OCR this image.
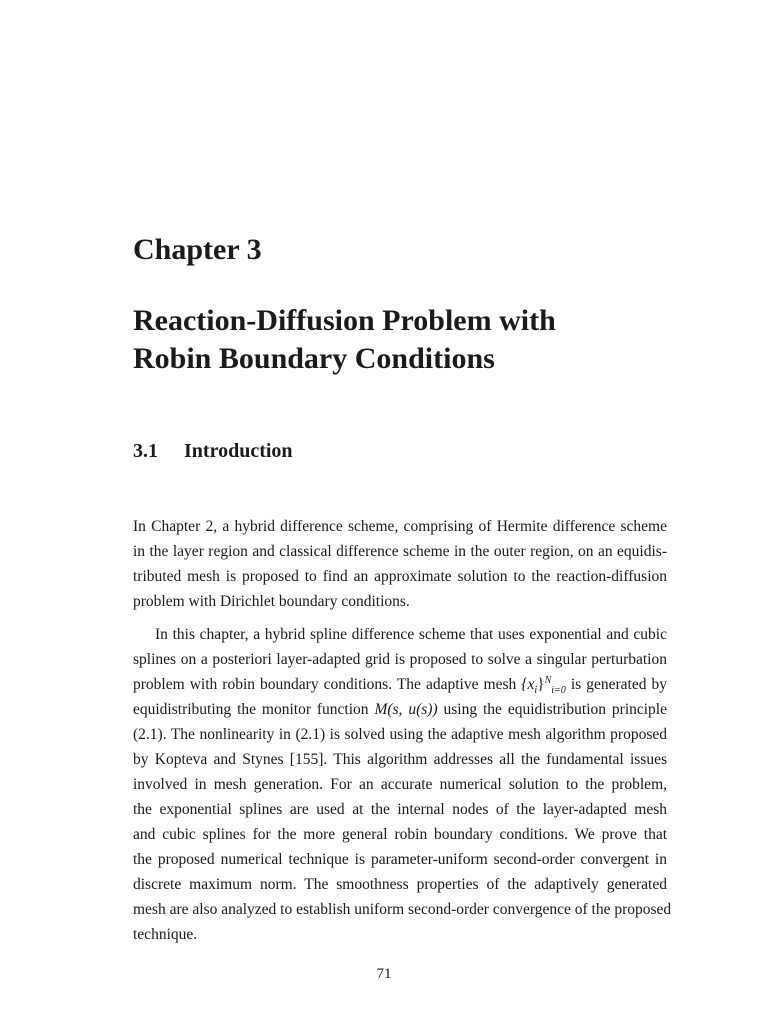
Chapter 3
Reaction-Diffusion Problem with
Robin Boundary Conditions
3.1 Introduction
In Chapter 2, a hybrid difference scheme, comprising of Hermite difference scheme
in the layer region and classical difference scheme in the outer region, on an equidis-
tributed mesh is proposed to find an approximate solution to the reaction-diffusion
problem with Dirichlet boundary conditions.
In this chapter, a hybrid spline difference scheme that uses exponential and cubic
splines on a posteriori layer-adapted grid is proposed to solve a singular perturbation
problem with robin boundary conditions. The adaptive mesh $\{x_i\}^N_{i=0}$ is generated by
equidistributing the monitor function M(s, u(s)) using the equidistribution principle
(2.1). The nonlinearity in (2.1) is solved using the adaptive mesh algorithm proposed
by Kopteva and Stynes [155]. This algorithm addresses all the fundamental issues
involved in mesh generation. For an accurate numerical solution to the problem,
the exponential splines are used at the internal nodes of the layer-adapted mesh
and cubic splines for the more general robin boundary conditions. We prove that
the proposed numerical technique is parameter-uniform second-order convergent in
discrete maximum norm. The smoothness properties of the adaptively generated
mesh are also analyzed to establish uniform second-order convergence of the proposed
technique.
71
